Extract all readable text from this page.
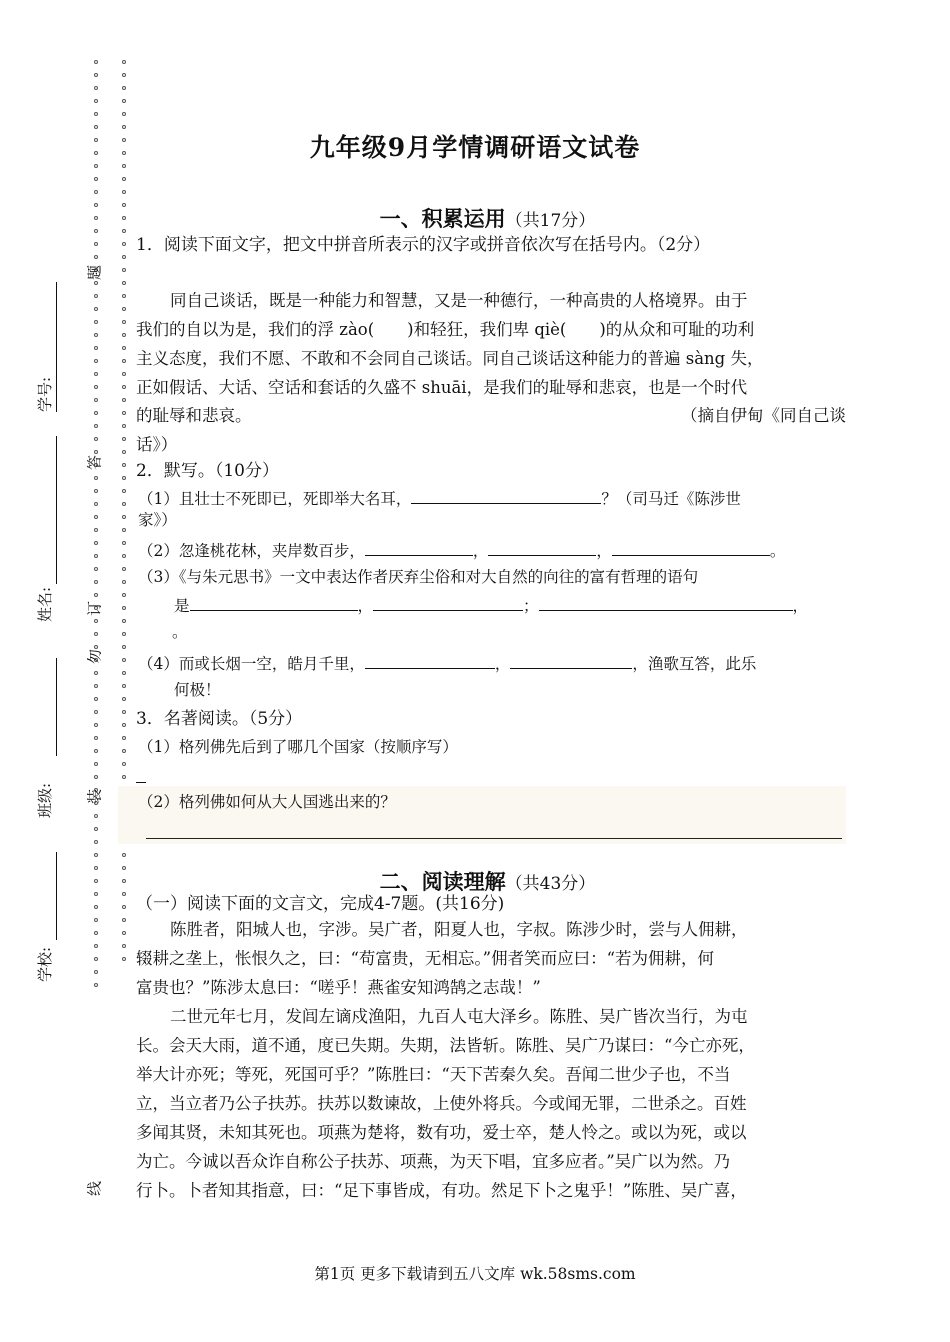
学号:
姓名:
班级:
学校:
题
答
勿
订
装
线
九年级9月学情调研语文试卷
一、积累运用（共17分）
1．阅读下面文字，把文中拼音所表示的汉字或拼音依次写在括号内。（2分）
同自己谈话，既是一种能力和智慧，又是一种德行，一种高贵的人格境界。由于
我们的自以为是，我们的浮 zào(　　)和轻狂，我们卑 qiè(　　)的从众和可耻的功利
主义态度，我们不愿、不敢和不会同自己谈话。同自己谈话这种能力的普遍 sàng 失，
正如假话、大话、空话和套话的久盛不 shuāi，是我们的耻辱和悲哀，也是一个时代
的耻辱和悲哀。	（摘自伊甸《同自己谈
话》）
2．默写。（10分）
（1）且壮士不死即已，死即举大名耳，	？（司马迁《陈涉世
家》）
（2）忽逢桃花林，夹岸数百步，	，	，	。
（3）《与朱元思书》一文中表达作者厌弃尘俗和对大自然的向往的富有哲理的语句
是	，	；	，
。
（4）而或长烟一空，皓月千里，	，	，渔歌互答，此乐
何极！
3．名著阅读。（5分）
（1）格列佛先后到了哪几个国家（按顺序写）
（2）格列佛如何从大人国逃出来的？
二、阅读理解（共43分）
（一）阅读下面的文言文，完成4-7题。(共16分)
陈胜者，阳城人也，字涉。吴广者，阳夏人也，字叔。陈涉少时，尝与人佣耕，
辍耕之垄上，怅恨久之，曰：“苟富贵，无相忘。”佣者笑而应曰：“若为佣耕，何
富贵也？”陈涉太息曰：“嗟乎！燕雀安知鸿鹄之志哉！”
二世元年七月，发闾左谪戍渔阳，九百人屯大泽乡。陈胜、吴广皆次当行，为屯
长。会天大雨，道不通，度已失期。失期，法皆斩。陈胜、吴广乃谋曰：“今亡亦死，
举大计亦死；等死，死国可乎？”陈胜曰：“天下苦秦久矣。吾闻二世少子也，不当
立，当立者乃公子扶苏。扶苏以数谏故，上使外将兵。今或闻无罪，二世杀之。百姓
多闻其贤，未知其死也。项燕为楚将，数有功，爱士卒，楚人怜之。或以为死，或以
为亡。今诚以吾众诈自称公子扶苏、项燕，为天下唱，宜多应者。”吴广以为然。乃
行卜。卜者知其指意，曰：“足下事皆成，有功。然足下卜之鬼乎！”陈胜、吴广喜，
第1页 更多下载请到五八文库 wk.58sms.com
